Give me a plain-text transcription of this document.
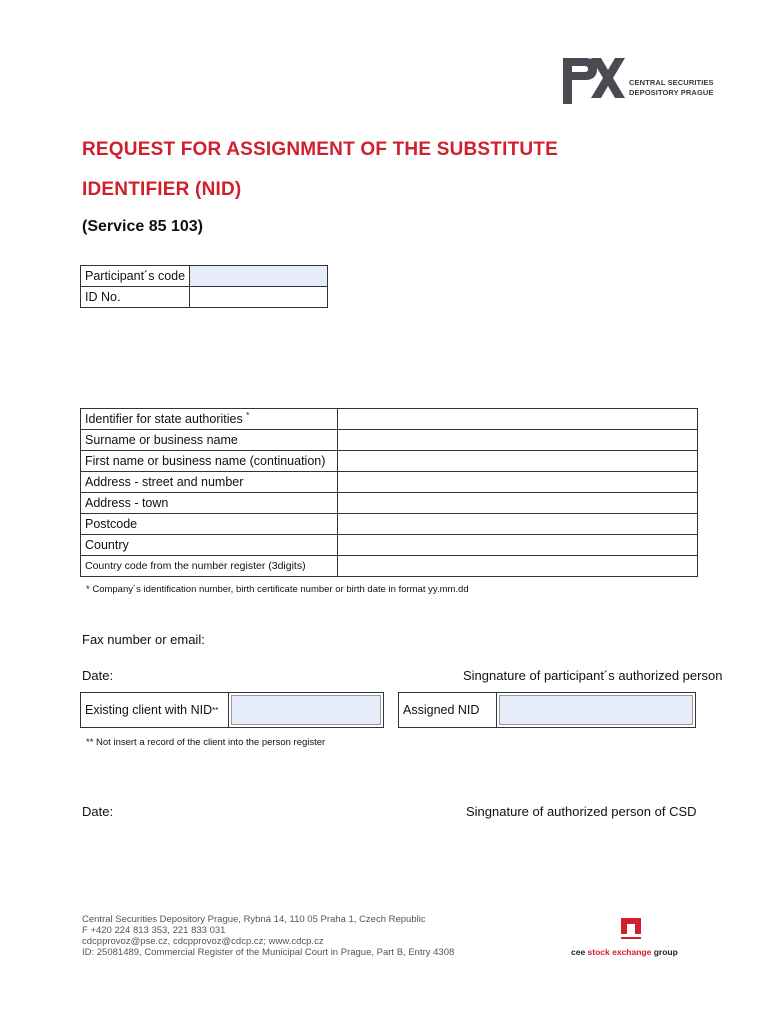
CENTRAL SECURITIES
DEPOSITORY PRAGUE
REQUEST FOR ASSIGNMENT OF THE SUBSTITUTE
IDENTIFIER (NID)
(Service 85 103)
Participant´s code	
ID No.	
Identifier for state authorities *	
Surname or business name	
First name or business name (continuation)	
Address - street and number	
Address - town	
Postcode	
Country	
Country code from the number register (3digits)	
* Company´s identification number, birth certificate number or birth date in format yy.mm.dd
Fax number or email:
Date:	Singnature of participant´s authorized person
Existing client with NID **	Assigned NID
** Not insert a record of the client into the person register
Date:	Singnature of authorized person of CSD
Central Securities Depository Prague, Rybná 14, 110 05 Praha 1, Czech Republic
F +420 224 813 353, 221 833 031
cdcpprovoz@pse.cz, cdcpprovoz@cdcp.cz; www.cdcp.cz
ID: 25081489, Commercial Register of the Municipal Court in Prague, Part B, Entry 4308	cee stock exchange group
